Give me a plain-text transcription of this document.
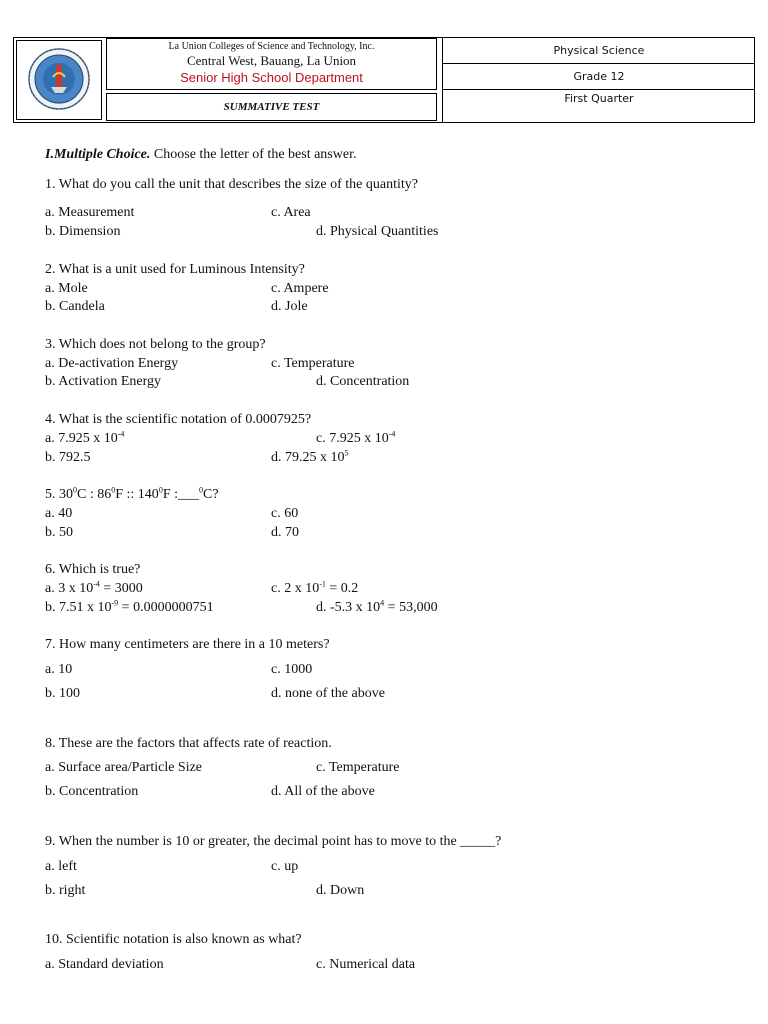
La Union Colleges of Science and Technology, Inc.
Central West, Bauang, La Union
Senior High School Department
SUMMATIVE TEST
Physical Science
Grade 12
First Quarter
I.Multiple Choice. Choose the letter of the best answer.
1. What do you call the unit that describes the size of the quantity?
a. Measurement	c. Area
b. Dimension	d. Physical Quantities
2. What is a unit used for Luminous Intensity?
a. Mole	c. Ampere
b. Candela	d. Jole
3. Which does not belong to the group?
a. De-activation Energy	c. Temperature
b. Activation Energy	d. Concentration
4. What is the scientific notation of 0.0007925?
a. 7.925 x $10^{-4}$	c. 7.925 x $10^{-4}$
b. 792.5	d. 79.25 x $10^5$
5. $30^0C$ : $86^0F$ :: $140^0F$ :___$^0$C?
a. 40	c. 60
b. 50	d. 70
6. Which is true?
a. 3 x $10^{-4} = 3000$	c. 2 x $10^{-1} = 0.2$
b. 7.51 x $10^{-9} = 0.0000000751$	d. -5.3 x $10^4 = 53,000$
7. How many centimeters are there in a 10 meters?
a. 10	c. 1000
b. 100	d. none of the above
8. These are the factors that affects rate of reaction.
a. Surface area/Particle Size	c. Temperature
b. Concentration	d. All of the above
9. When the number is 10 or greater, the decimal point has to move to the _____?
a. left	c. up
b. right	d. Down
10. Scientific notation is also known as what?
a. Standard deviation	c. Numerical data
